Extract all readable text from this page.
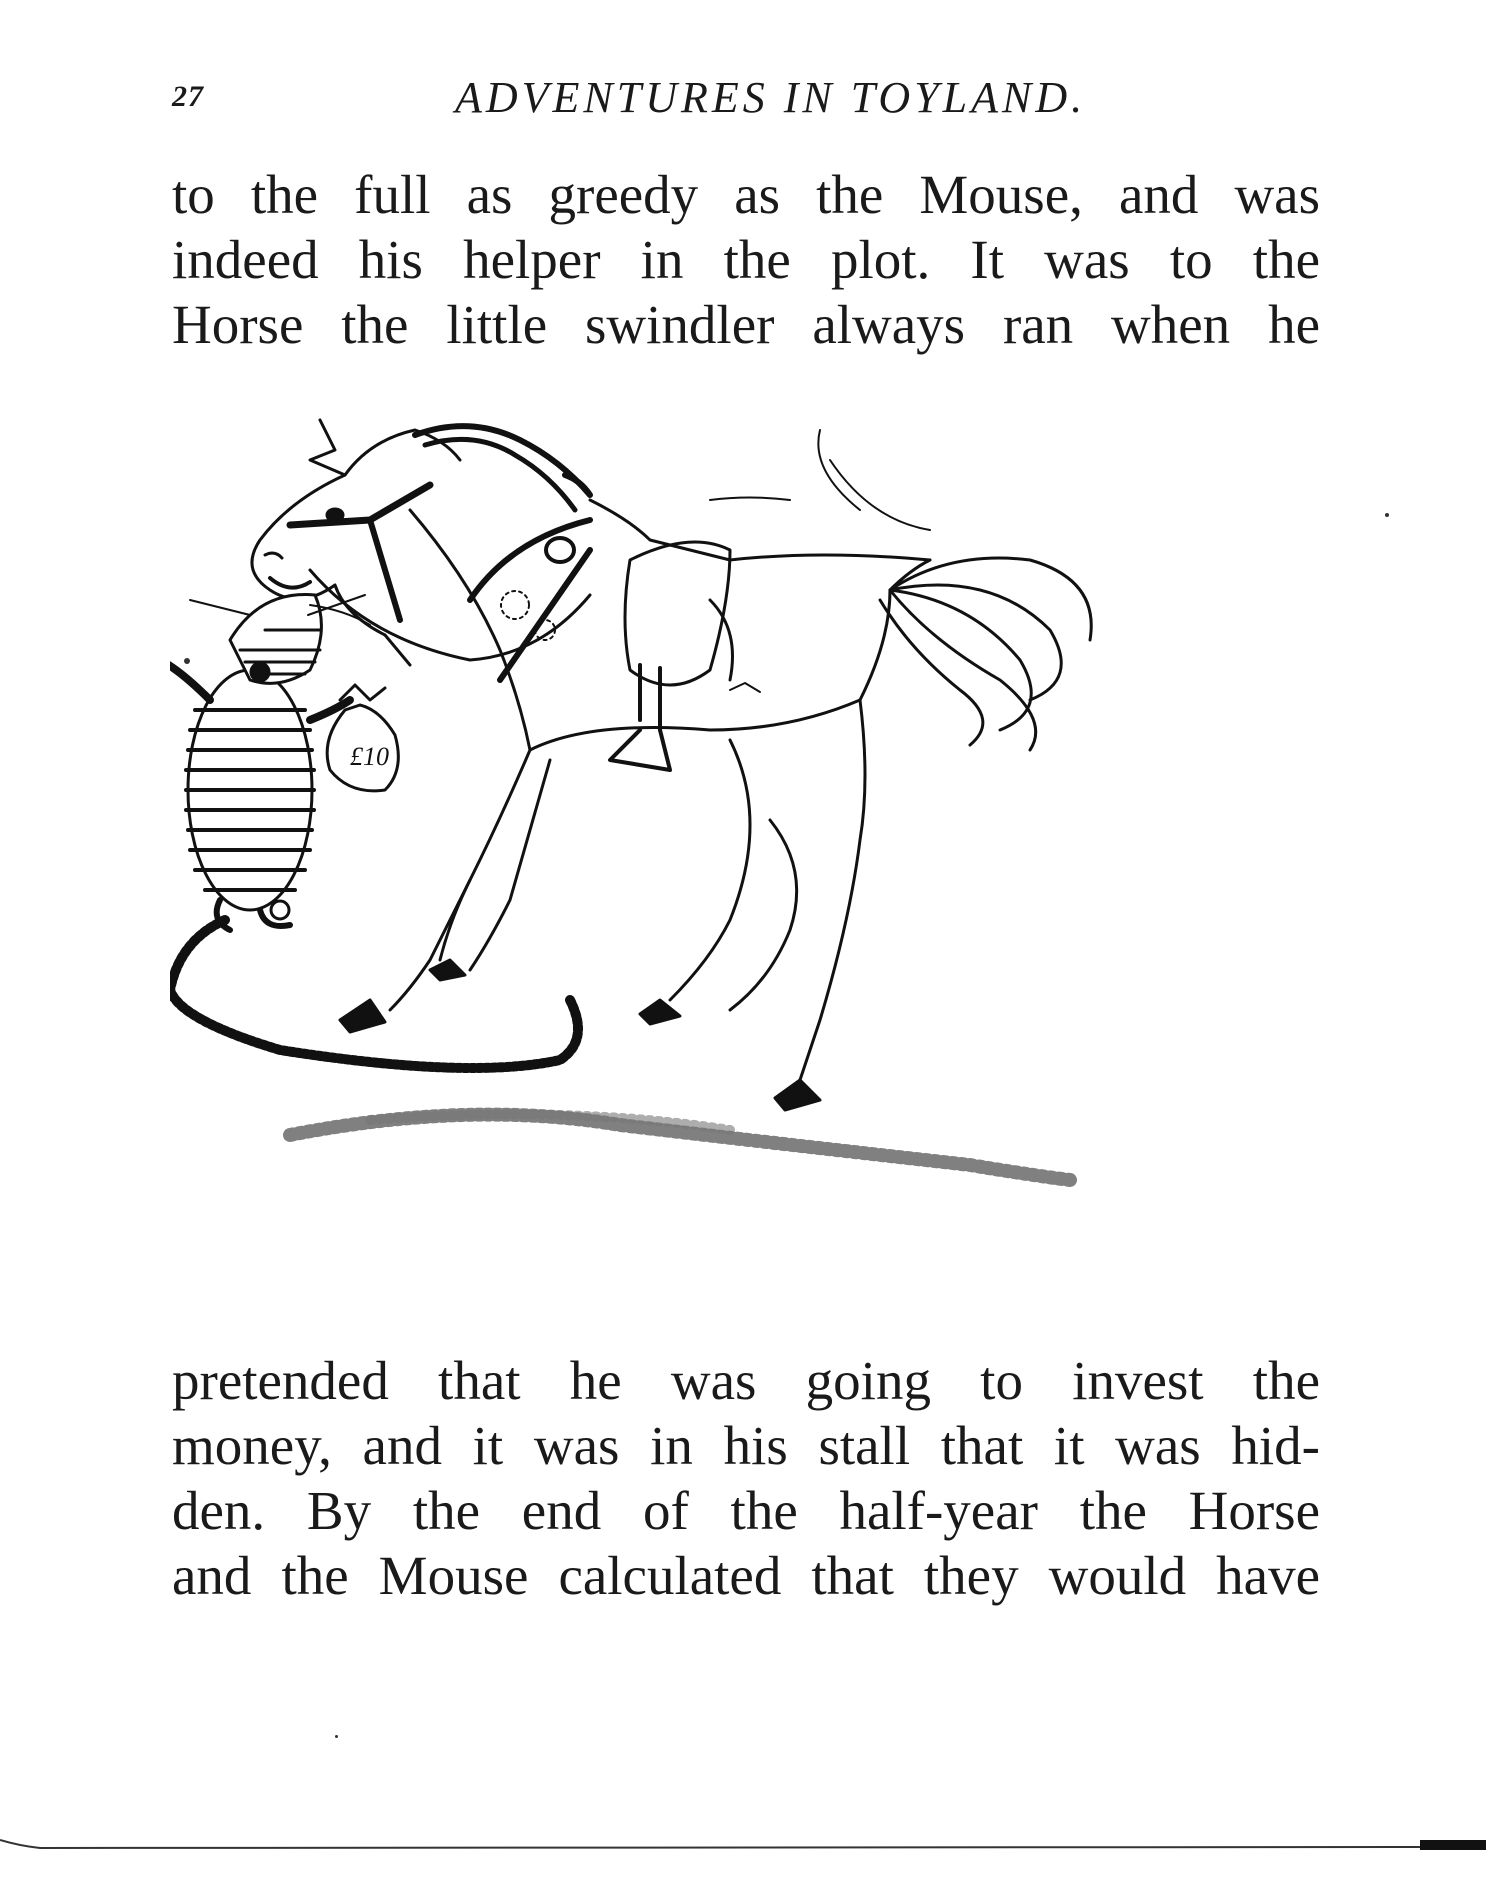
27	ADVENTURES IN TOYLAND.
to the full as greedy as the Mouse, and was
indeed his helper in the plot. It was to the
Horse the little swindler always ran when he
£10
pretended that he was going to invest the
money, and it was in his stall that it was hid-
den. By the end of the half-year the Horse
and the Mouse calculated that they would have
